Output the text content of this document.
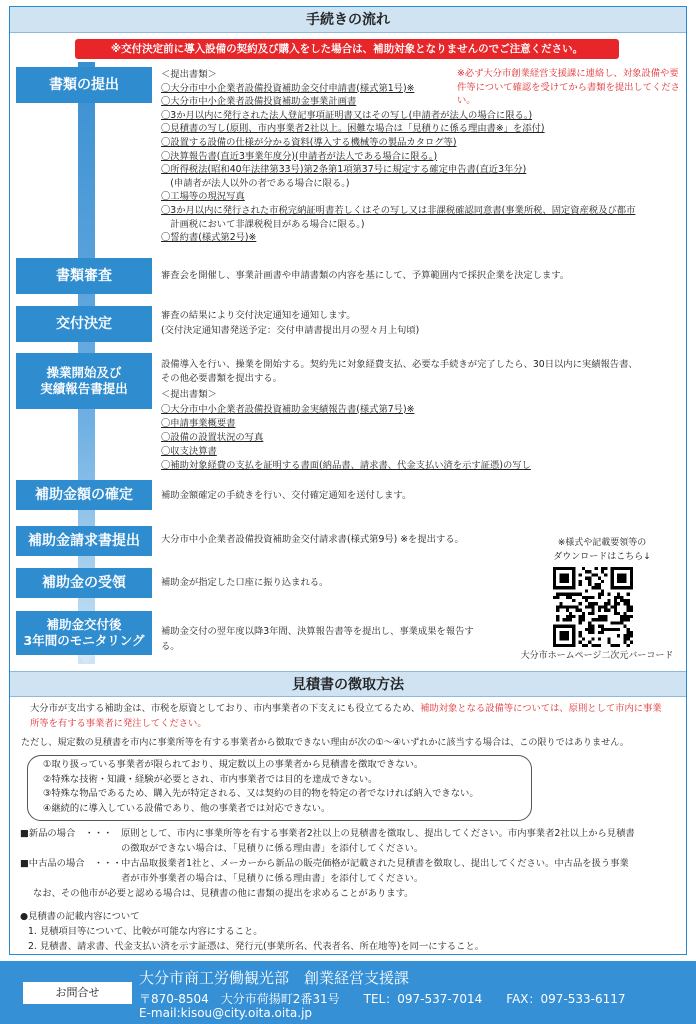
手続きの流れ
※交付決定前に導入設備の契約及び購入をした場合は、補助対象となりませんのでご注意ください。
書類の提出
＜提出書類＞
〇大分市中小企業者設備投資補助金交付申請書(様式第1号)※
〇大分市中小企業者設備投資補助金事業計画書
〇3か月以内に発行された法人登記事項証明書又はその写し(申請者が法人の場合に限る。)
〇見積書の写し(原則、市内事業者2社以上。困難な場合は「見積りに係る理由書※」を添付)
〇設置する設備の仕様が分かる資料(導入する機械等の製品カタログ等)
〇決算報告書(直近3事業年度分)(申請者が法人である場合に限る。)
〇所得税法(昭和40年法律第33号)第2条第1項第37号に規定する確定申告書(直近3年分)
　(申請者が法人以外の者である場合に限る。)
〇工場等の現況写真
〇3か月以内に発行された市税完納証明書若しくはその写し又は非課税確認同意書(事業所税、固定資産税及び都市
　計画税において非課税税目がある場合に限る。)
〇誓約書(様式第2号)※
書類審査	審査会を開催し、事業計画書や申請書類の内容を基にして、予算範囲内で採択企業を決定します。
交付決定
審査の結果により交付決定通知を通知します。
(交付決定通知書発送予定：交付申請書提出月の翌々月上旬頃)
操業開始及び
実績報告書提出
設備導入を行い、操業を開始する。契約先に対象経費支払、必要な手続きが完了したら、30日以内に実績報告書、
その他必要書類を提出する。
＜提出書類＞
〇大分市中小企業者設備投資補助金実績報告書(様式第7号)※
〇申請事業概要書
〇設備の設置状況の写真
〇収支決算書
〇補助対象経費の支払を証明する書面(納品書、請求書、代金支払い済を示す証憑)の写し
補助金額の確定	補助金額確定の手続きを行い、交付確定通知を送付します。
補助金請求書提出 大分市中小企業者設備投資補助金交付請求書(様式第9号) ※を提出する。
補助金の受領	補助金が指定した口座に振り込まれる。
補助金交付後
3年間のモニタリング
補助金交付の翌年度以降3年間、決算報告書等を提出し、事業成果を報告す
る。
※必ず大分市創業経営支援課に連絡し、対象設備や要件等について確認を受けてから書類を提出してください。
※様式や記載要領等の
ダウンロードはこちら↓
大分市ホームページ二次元バーコード
見積書の徴取方法
大分市が支出する補助金は、市税を原資としており、市内事業者の下支えにも役立てるため、補助対象となる設備等については、原則として市内に事業所等を有する事業者に発注してください。
ただし、規定数の見積書を市内に事業所等を有する事業者から徴取できない理由が次の①～④いずれかに該当する場合は、この限りではありません。
①取り扱っている事業者が限られており、規定数以上の事業者から見積書を徴取できない。
②特殊な技術・知識・経験が必要とされ、市内事業者では目的を達成できない。
③特殊な物品であるため、購入先が特定される、又は契約の目的物を特定の者でなければ納入できない。
④継続的に導入している設備であり、他の事業者では対応できない。
■新品の場合　・・・ 原則として、市内に事業所等を有する事業者2社以上の見積書を徴取し、提出してください。市内事業者2社以上から見積書
の徴取ができない場合は、「見積りに係る理由書」を添付してください。
■中古品の場合　・・・ 中古品取扱業者1社と、メーカーから新品の販売価格が記載された見積書を徴取し、提出してください。中古品を扱う事業
者が市外事業者の場合は、「見積りに係る理由書」を添付してください。
なお、その他市が必要と認める場合は、見積書の他に書類の提出を求めることがあります。
●見積書の記載内容について
1. 見積項目等について、比較が可能な内容にすること。
2. 見積書、請求書、代金支払い済を示す証憑は、発行元(事業所名、代表者名、所在地等)を同一にすること。
お問合せ
大分市商工労働観光部　創業経営支援課
〒870-8504　大分市荷揚町2番31号　　TEL：097-537-7014　　FAX：097-533-6117
E-mail:kisou@city.oita.oita.jp
